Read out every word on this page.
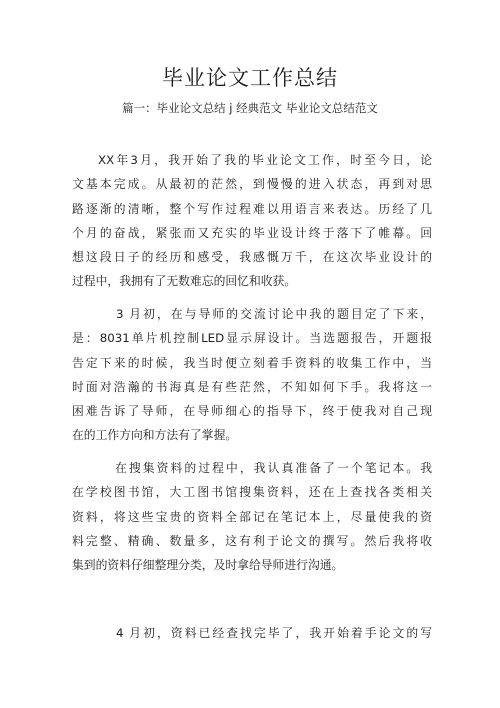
毕业论文工作总结
篇一：毕业论文总结 j 经典范文 毕业论文总结范文
XX年3月，我开始了我的毕业论文工作，时至今日，论
文基本完成。从最初的茫然，到慢慢的进入状态，再到对思
路逐渐的清晰，整个写作过程难以用语言来表达。历经了几
个月的奋战，紧张而又充实的毕业设计终于落下了帷幕。回
想这段日子的经历和感受，我感慨万千，在这次毕业设计的
过程中，我拥有了无数难忘的回忆和收获。
3 月初，在与导师的交流讨论中我的题目定了下来，
是：8031单片机控制LED显示屏设计。当选题报告，开题报
告定下来的时候，我当时便立刻着手资料的收集工作中，当
时面对浩瀚的书海真是有些茫然，不知如何下手。我将这一
困难告诉了导师，在导师细心的指导下，终于使我对自己现
在的工作方向和方法有了掌握。
在搜集资料的过程中，我认真准备了一个笔记本。我
在学校图书馆，大工图书馆搜集资料，还在上查找各类相关
资料，将这些宝贵的资料全部记在笔记本上，尽量使我的资
料完整、精确、数量多，这有利于论文的撰写。然后我将收
集到的资料仔细整理分类，及时拿给导师进行沟通。
4 月初，资料已经查找完毕了，我开始着手论文的写
